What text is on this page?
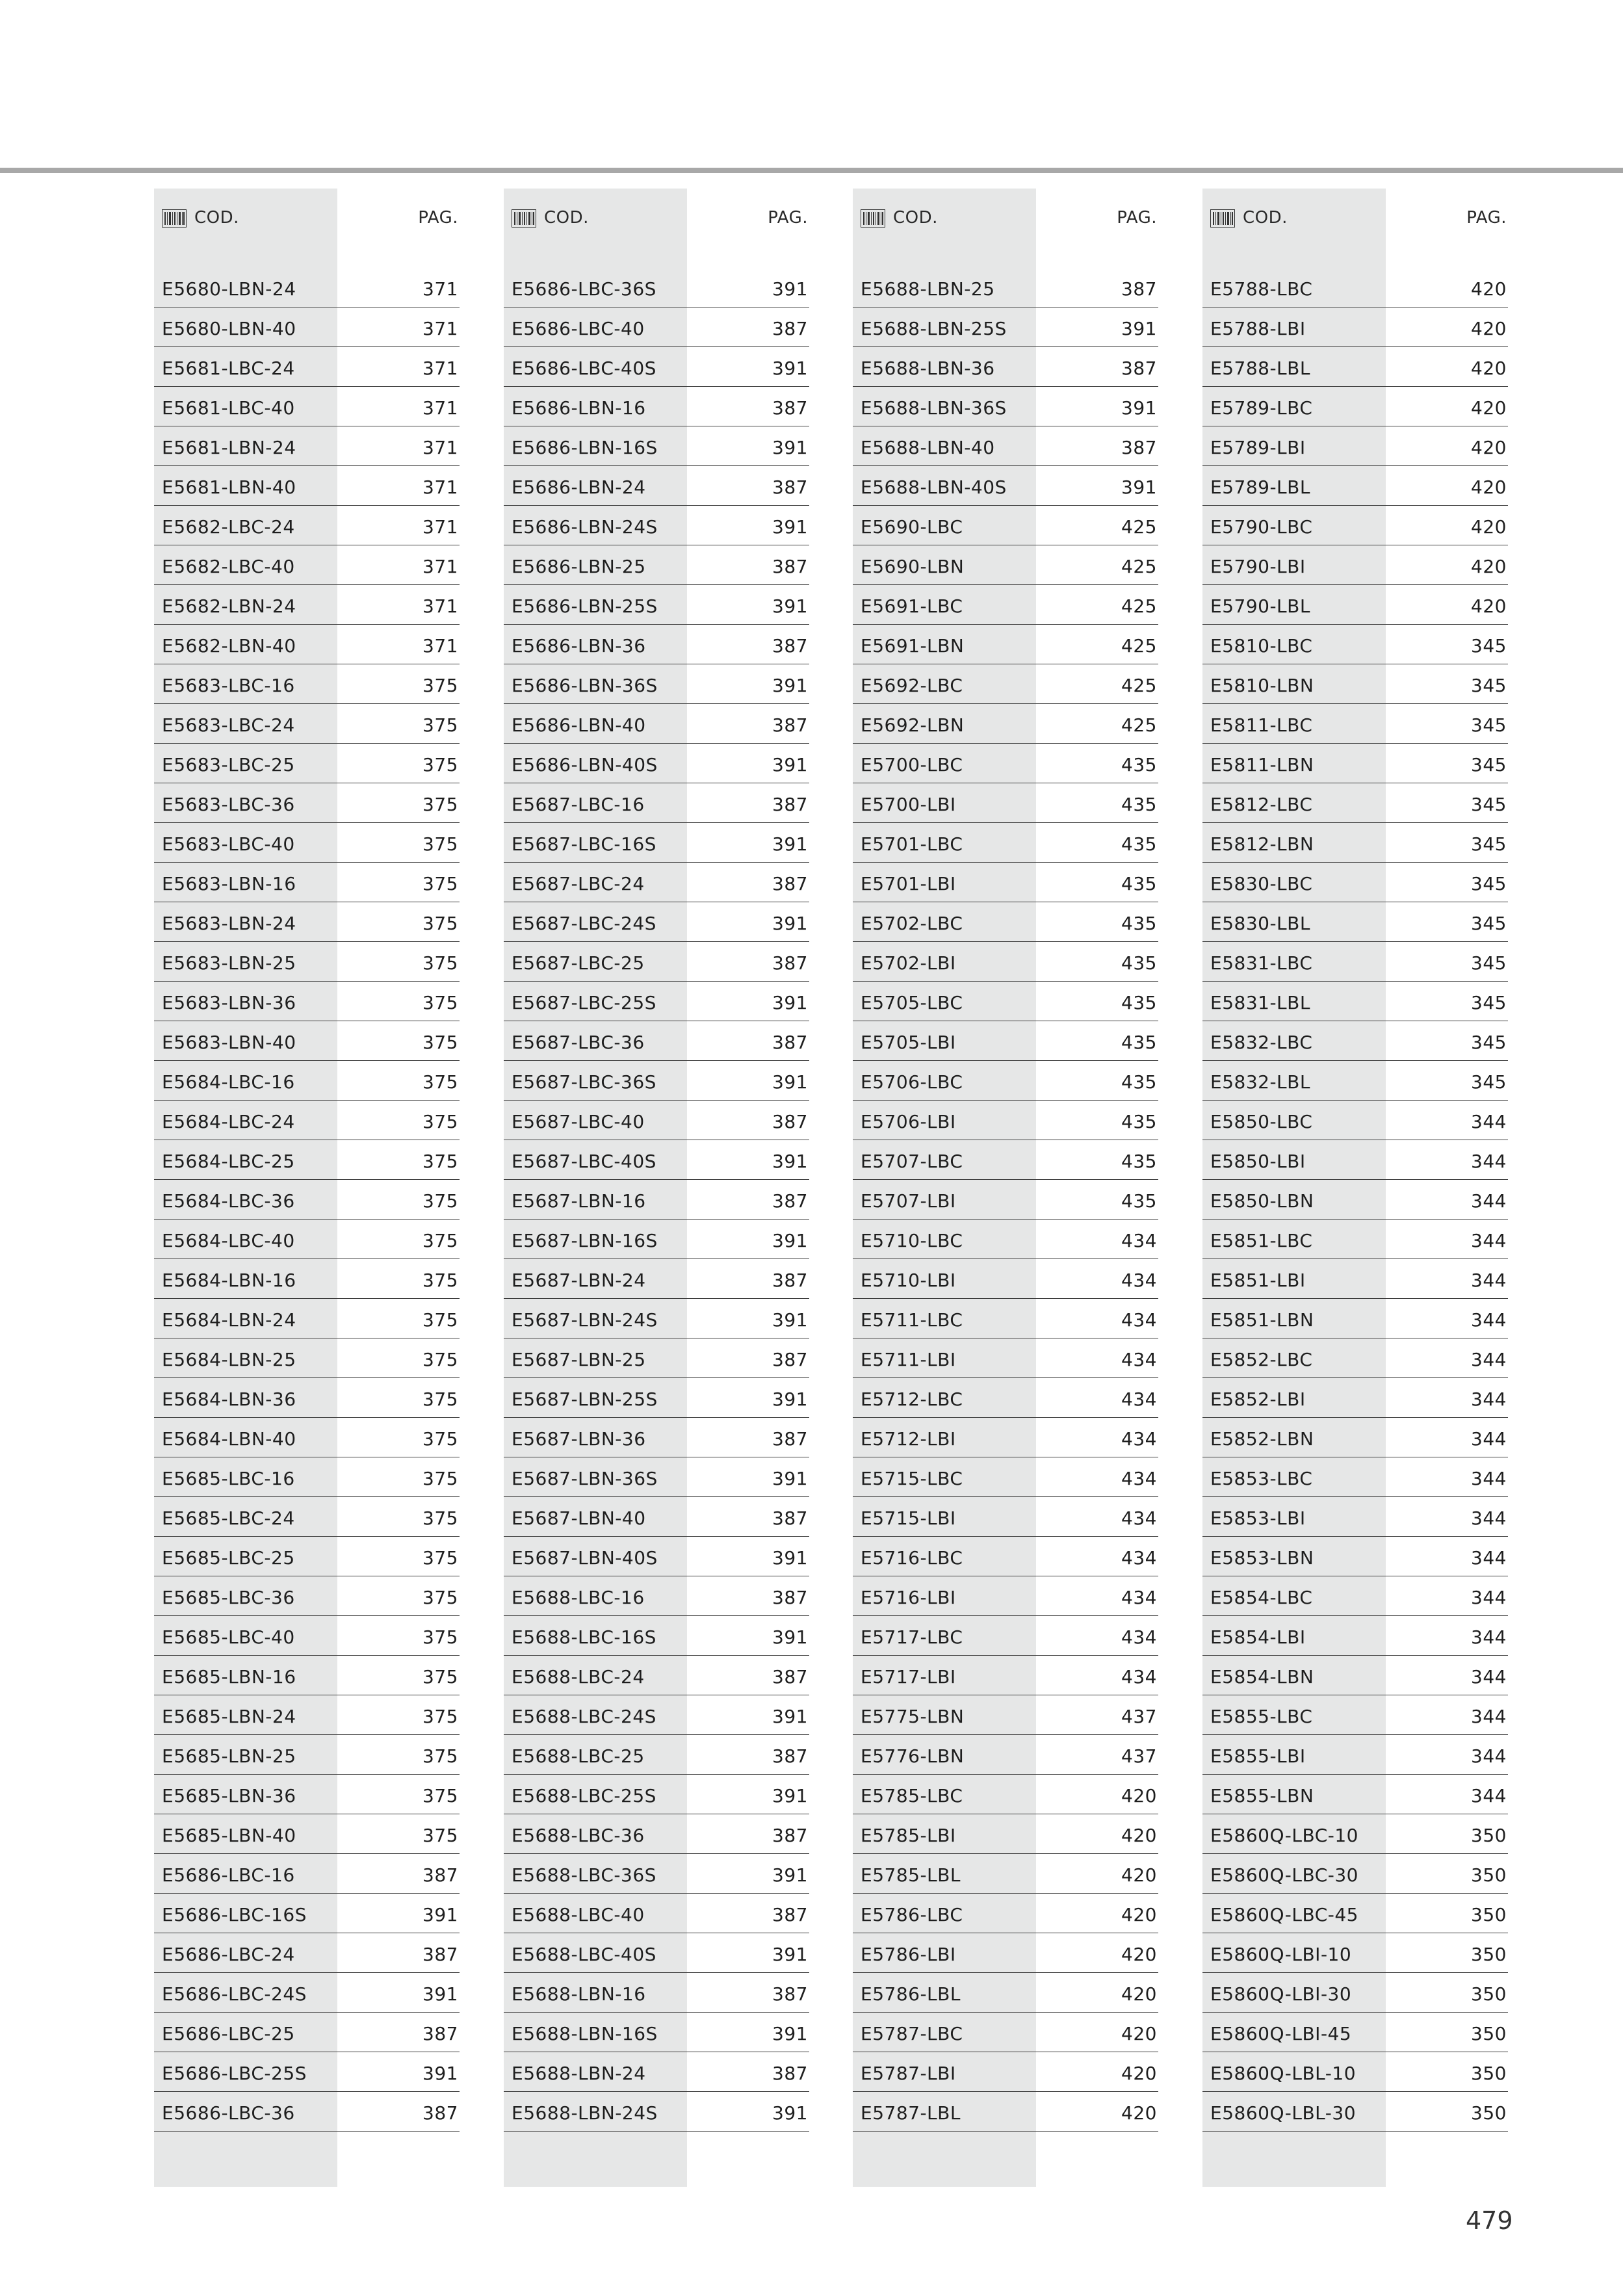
COD.	PAG.
E5680-LBN-24	371
E5680-LBN-40	371
E5681-LBC-24	371
E5681-LBC-40	371
E5681-LBN-24	371
E5681-LBN-40	371
E5682-LBC-24	371
E5682-LBC-40	371
E5682-LBN-24	371
E5682-LBN-40	371
E5683-LBC-16	375
E5683-LBC-24	375
E5683-LBC-25	375
E5683-LBC-36	375
E5683-LBC-40	375
E5683-LBN-16	375
E5683-LBN-24	375
E5683-LBN-25	375
E5683-LBN-36	375
E5683-LBN-40	375
E5684-LBC-16	375
E5684-LBC-24	375
E5684-LBC-25	375
E5684-LBC-36	375
E5684-LBC-40	375
E5684-LBN-16	375
E5684-LBN-24	375
E5684-LBN-25	375
E5684-LBN-36	375
E5684-LBN-40	375
E5685-LBC-16	375
E5685-LBC-24	375
E5685-LBC-25	375
E5685-LBC-36	375
E5685-LBC-40	375
E5685-LBN-16	375
E5685-LBN-24	375
E5685-LBN-25	375
E5685-LBN-36	375
E5685-LBN-40	375
E5686-LBC-16	387
E5686-LBC-16S	391
E5686-LBC-24	387
E5686-LBC-24S	391
E5686-LBC-25	387
E5686-LBC-25S	391
E5686-LBC-36	387
COD.	PAG.
E5686-LBC-36S	391
E5686-LBC-40	387
E5686-LBC-40S	391
E5686-LBN-16	387
E5686-LBN-16S	391
E5686-LBN-24	387
E5686-LBN-24S	391
E5686-LBN-25	387
E5686-LBN-25S	391
E5686-LBN-36	387
E5686-LBN-36S	391
E5686-LBN-40	387
E5686-LBN-40S	391
E5687-LBC-16	387
E5687-LBC-16S	391
E5687-LBC-24	387
E5687-LBC-24S	391
E5687-LBC-25	387
E5687-LBC-25S	391
E5687-LBC-36	387
E5687-LBC-36S	391
E5687-LBC-40	387
E5687-LBC-40S	391
E5687-LBN-16	387
E5687-LBN-16S	391
E5687-LBN-24	387
E5687-LBN-24S	391
E5687-LBN-25	387
E5687-LBN-25S	391
E5687-LBN-36	387
E5687-LBN-36S	391
E5687-LBN-40	387
E5687-LBN-40S	391
E5688-LBC-16	387
E5688-LBC-16S	391
E5688-LBC-24	387
E5688-LBC-24S	391
E5688-LBC-25	387
E5688-LBC-25S	391
E5688-LBC-36	387
E5688-LBC-36S	391
E5688-LBC-40	387
E5688-LBC-40S	391
E5688-LBN-16	387
E5688-LBN-16S	391
E5688-LBN-24	387
E5688-LBN-24S	391
COD.	PAG.
E5688-LBN-25	387
E5688-LBN-25S	391
E5688-LBN-36	387
E5688-LBN-36S	391
E5688-LBN-40	387
E5688-LBN-40S	391
E5690-LBC	425
E5690-LBN	425
E5691-LBC	425
E5691-LBN	425
E5692-LBC	425
E5692-LBN	425
E5700-LBC	435
E5700-LBI	435
E5701-LBC	435
E5701-LBI	435
E5702-LBC	435
E5702-LBI	435
E5705-LBC	435
E5705-LBI	435
E5706-LBC	435
E5706-LBI	435
E5707-LBC	435
E5707-LBI	435
E5710-LBC	434
E5710-LBI	434
E5711-LBC	434
E5711-LBI	434
E5712-LBC	434
E5712-LBI	434
E5715-LBC	434
E5715-LBI	434
E5716-LBC	434
E5716-LBI	434
E5717-LBC	434
E5717-LBI	434
E5775-LBN	437
E5776-LBN	437
E5785-LBC	420
E5785-LBI	420
E5785-LBL	420
E5786-LBC	420
E5786-LBI	420
E5786-LBL	420
E5787-LBC	420
E5787-LBI	420
E5787-LBL	420
COD.	PAG.
E5788-LBC	420
E5788-LBI	420
E5788-LBL	420
E5789-LBC	420
E5789-LBI	420
E5789-LBL	420
E5790-LBC	420
E5790-LBI	420
E5790-LBL	420
E5810-LBC	345
E5810-LBN	345
E5811-LBC	345
E5811-LBN	345
E5812-LBC	345
E5812-LBN	345
E5830-LBC	345
E5830-LBL	345
E5831-LBC	345
E5831-LBL	345
E5832-LBC	345
E5832-LBL	345
E5850-LBC	344
E5850-LBI	344
E5850-LBN	344
E5851-LBC	344
E5851-LBI	344
E5851-LBN	344
E5852-LBC	344
E5852-LBI	344
E5852-LBN	344
E5853-LBC	344
E5853-LBI	344
E5853-LBN	344
E5854-LBC	344
E5854-LBI	344
E5854-LBN	344
E5855-LBC	344
E5855-LBI	344
E5855-LBN	344
E5860Q-LBC-10	350
E5860Q-LBC-30	350
E5860Q-LBC-45	350
E5860Q-LBI-10	350
E5860Q-LBI-30	350
E5860Q-LBI-45	350
E5860Q-LBL-10	350
E5860Q-LBL-30	350
479
